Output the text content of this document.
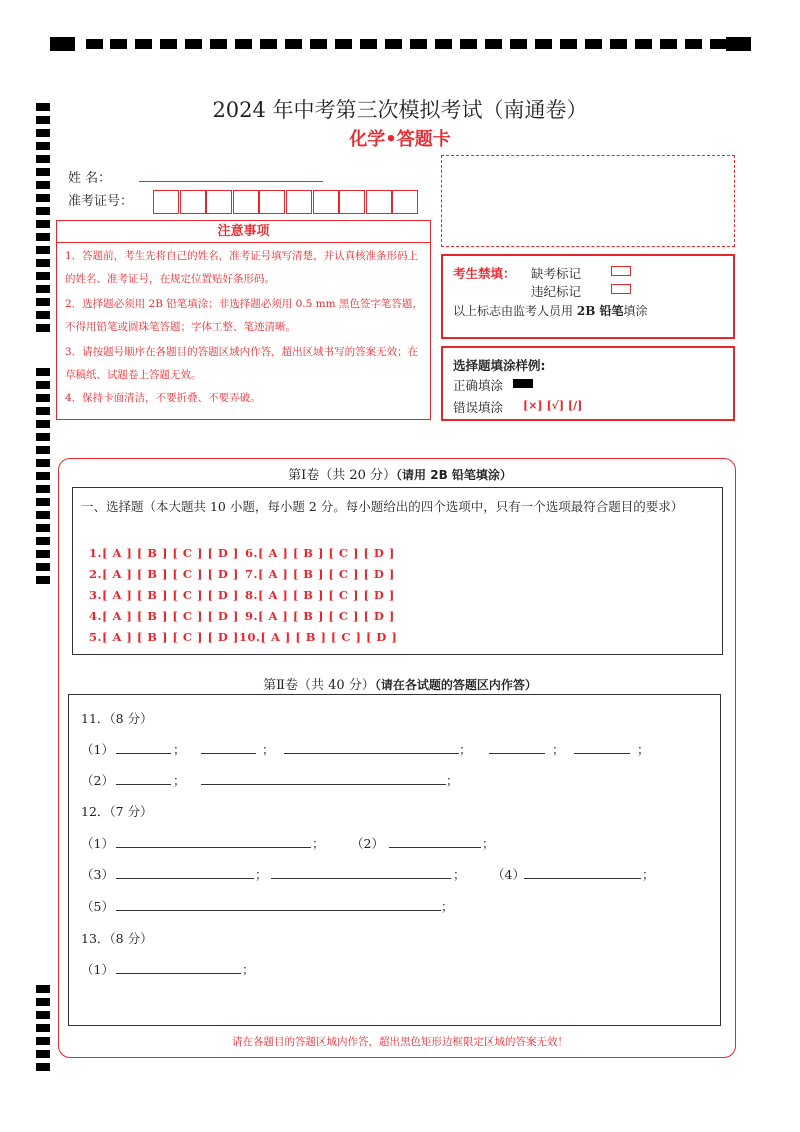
2024 年中考第三次模拟考试（南通卷）
化学•答题卡
姓 名：
准考证号：
注意事项
1．答题前，考生先将自己的姓名，准考证号填写清楚，并认真核准条形码上的姓名、准考证号，在规定位置贴好条形码。
2．选择题必须用 2B 铅笔填涂；非选择题必须用 0.5 mm 黑色签字笔答题，不得用铅笔或圆珠笔答题；字体工整、笔迹清晰。
3．请按题号顺序在各题目的答题区域内作答，超出区域书写的答案无效；在草稿纸、试题卷上答题无效。
4．保持卡面清洁，不要折叠、不要弄破。
考生禁填： 缺考标记
违纪标记
以上标志由监考人员用 2B 铅笔填涂
选择题填涂样例:
正确填涂
错误填涂 [×] [√] [/]
第Ⅰ卷（共 20 分）（请用 2B 铅笔填涂）
一、选择题（本大题共 10 小题，每小题 2 分。每小题给出的四个选项中，只有一个选项最符合题目的要求）
1.[ A ] [ B ] [ C ] [ D ]
2.[ A ] [ B ] [ C ] [ D ]
3.[ A ] [ B ] [ C ] [ D ]
4.[ A ] [ B ] [ C ] [ D ]
5.[ A ] [ B ] [ C ] [ D ]
6.[ A ] [ B ] [ C ] [ D ]
7.[ A ] [ B ] [ C ] [ D ]
8.[ A ] [ B ] [ C ] [ D ]
9.[ A ] [ B ] [ C ] [ D ]
10.[ A ] [ B ] [ C ] [ D ]
第Ⅱ卷（共 40 分）（请在各试题的答题区内作答）
11．（8 分）
（1）	；	；	；	；	；
（2）	；	；
12．（7 分）
（1）	； （2）	；
（3）	；	； （4）	；
（5）	；
13．（8 分）
（1）	；
请在各题目的答题区域内作答，超出黑色矩形边框限定区域的答案无效！
